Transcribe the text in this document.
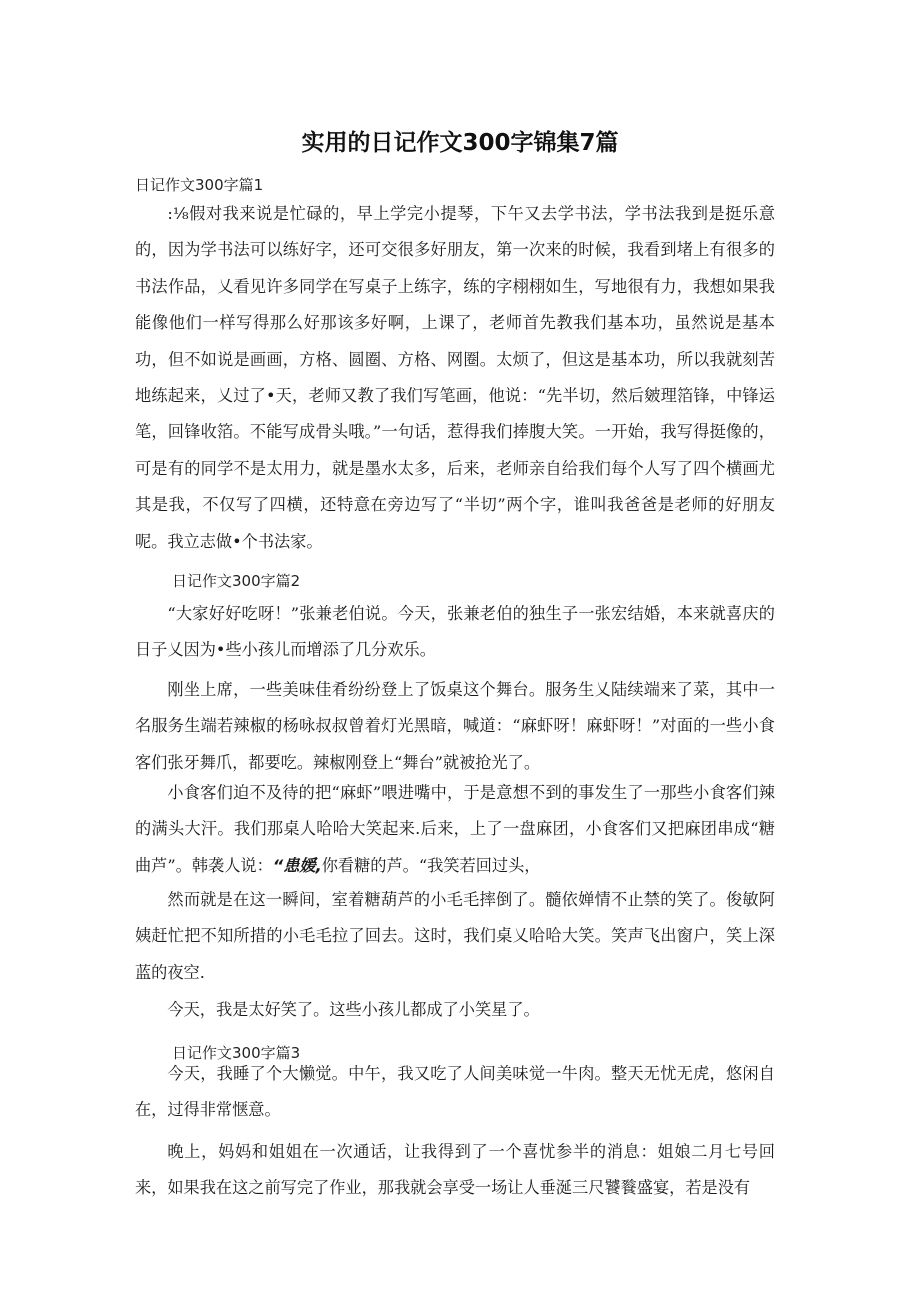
实用的日记作文300字锦集7篇
日记作文300字篇1

:⅛假对我来说是忙碌的，早上学完小提琴，下午又去学书法，学书法我到是挺乐意的，因为学书法可以练好字，还可交很多好朋友，第一次来的时候，我看到堵上有很多的书法作品，乂看见许多同学在写桌子上练字，练的字栩栩如生，写地很有力，我想如果我能像他们一样写得那么好那该多好啊，上课了，老师首先教我们基本功，虽然说是基本功，但不如说是画画，方格、圆圈、方格、网圈。太烦了，但这是基本功，所以我就刻苦地练起来，乂过了•天，老师又教了我们写笔画，他说：“先半切，然后皴理箔锋，中锋运笔，回锋收箔。不能写成骨头哦。”一句话，惹得我们捧腹大笑。一开始，我写得挺像的，可是有的同学不是太用力，就是墨水太多，后来，老师亲自给我们每个人写了四个横画尤其是我，不仅写了四横，还特意在旁边写了“半切”两个字，谁叫我爸爸是老师的好朋友呢。我立志做•个书法家。

日记作文300字篇2

“大家好好吃呀！”张兼老伯说。今天，张兼老伯的独生子一张宏结婚，本来就喜庆的日子乂因为•些小孩儿而增添了几分欢乐。

刚坐上席，一些美味佳肴纷纷登上了饭桌这个舞台。服务生乂陆续端来了菜，其中一名服务生端若辣椒的杨咏叔叔曾着灯光黑暗，喊道：“麻虾呀！麻虾呀！”对面的一些小食客们张牙舞爪，都要吃。辣椒刚登上“舞台”就被抢光了。

小食客们迫不及待的把“麻虾”喂进嘴中，于是意想不到的事发生了一那些小食客们辣的满头大汗。我们那桌人哈哈大笑起来.后来，上了一盘麻团，小食客们又把麻团串成“糖曲芦”。韩袭人说：“患媛,你看糖的芦。“我笑若回过头，

然而就是在这一瞬间，室着糖葫芦的小毛毛摔倒了。髓依婵情不止禁的笑了。俊敏阿姨赶忙把不知所措的小毛毛拉了回去。这时，我们桌乂哈哈大笑。笑声飞出窗户，笑上深蓝的夜空.

今天，我是太好笑了。这些小孩儿都成了小笑星了。

日记作文300字篇3

今天，我睡了个大懒觉。中午，我又吃了人间美味觉一牛肉。整天无忧无虎，悠闲自在，过得非常惬意。

晚上，妈妈和姐姐在一次通话，让我得到了一个喜忧参半的消息：姐娘二月七号回来，如果我在这之前写完了作业，那我就会享受一场让人垂涎三尺饕餮盛宴，若是没有
